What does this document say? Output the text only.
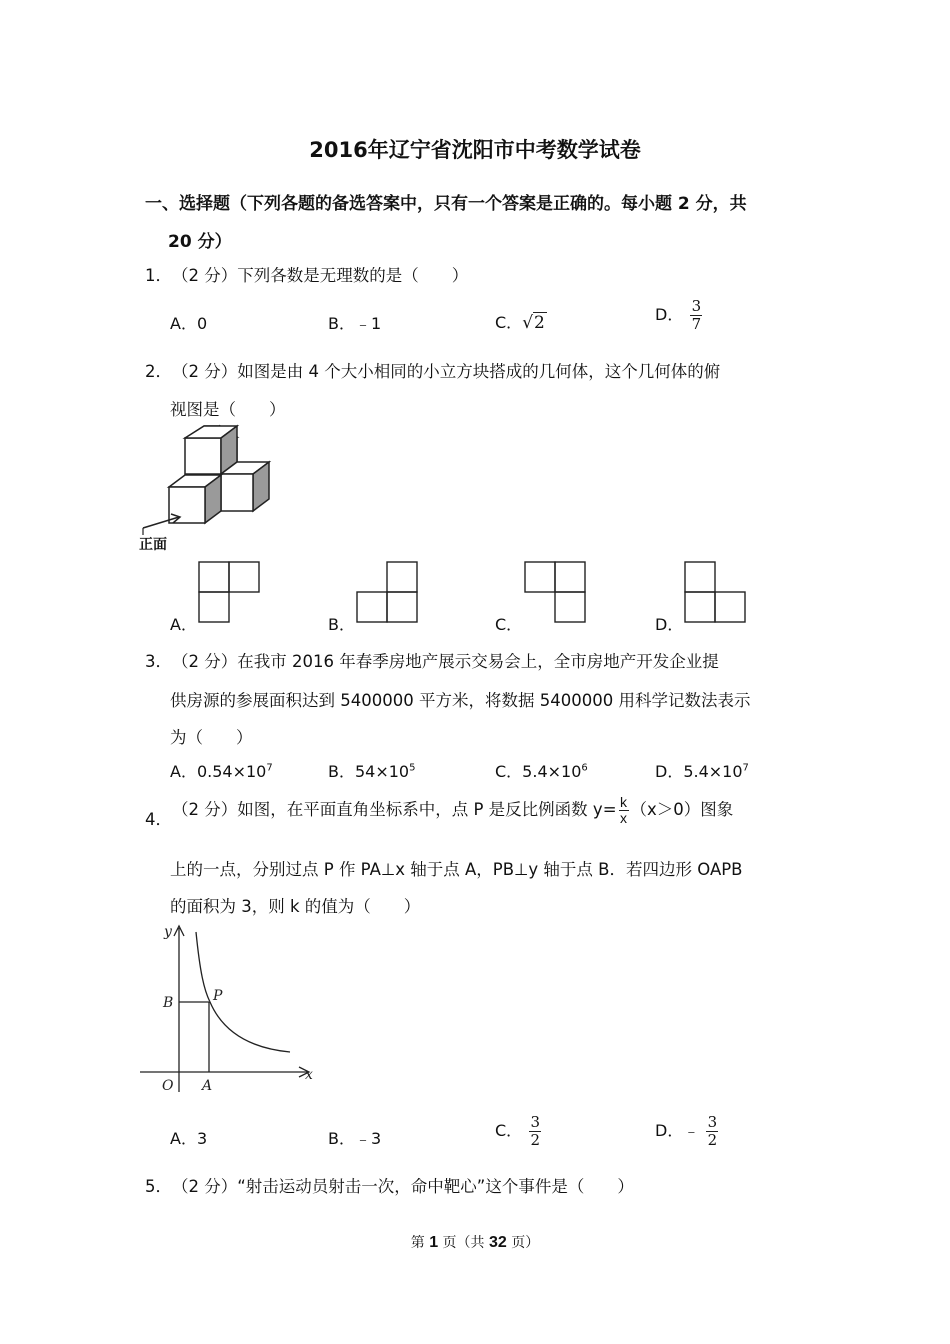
2016年辽宁省沈阳市中考数学试卷
一、选择题（下列各题的备选答案中，只有一个答案是正确的。每小题 2 分，共
20 分）
1． （2 分）下列各数是无理数的是（　　）
A．0	B．﹣1	C．√2	D． $\frac{3}{7}$
2． （2 分）如图是由 4 个大小相同的小立方块搭成的几何体，这个几何体的俯
视图是（　　）
正面
A．	B．	C．	D．
3． （2 分）在我市 2016 年春季房地产展示交易会上，全市房地产开发企业提
供房源的参展面积达到 5400000 平方米，将数据 5400000 用科学记数法表示
为（　　）
A．$0.54\times 10^7$	B．$54\times 10^5$	C．$5.4\times 10^6$	D．$5.4\times 10^7$
4．
（2 分）如图，在平面直角坐标系中，点 P 是反比例函数 $y= \frac{k}{x} (x>0)$图象
上的一点，分别过点 P 作 PA⊥x 轴于点 A，PB⊥y 轴于点 B．若四边形 OAPB
的面积为 3，则 k 的值为（　　）
y
x
O A
B	P
A．3	B．﹣3	C． $\frac{3}{2}$	D．﹣ $\frac{3}{2}$
5． （2 分）“射击运动员射击一次，命中靶心”这个事件是（　　）
第 1 页（共 32 页）
